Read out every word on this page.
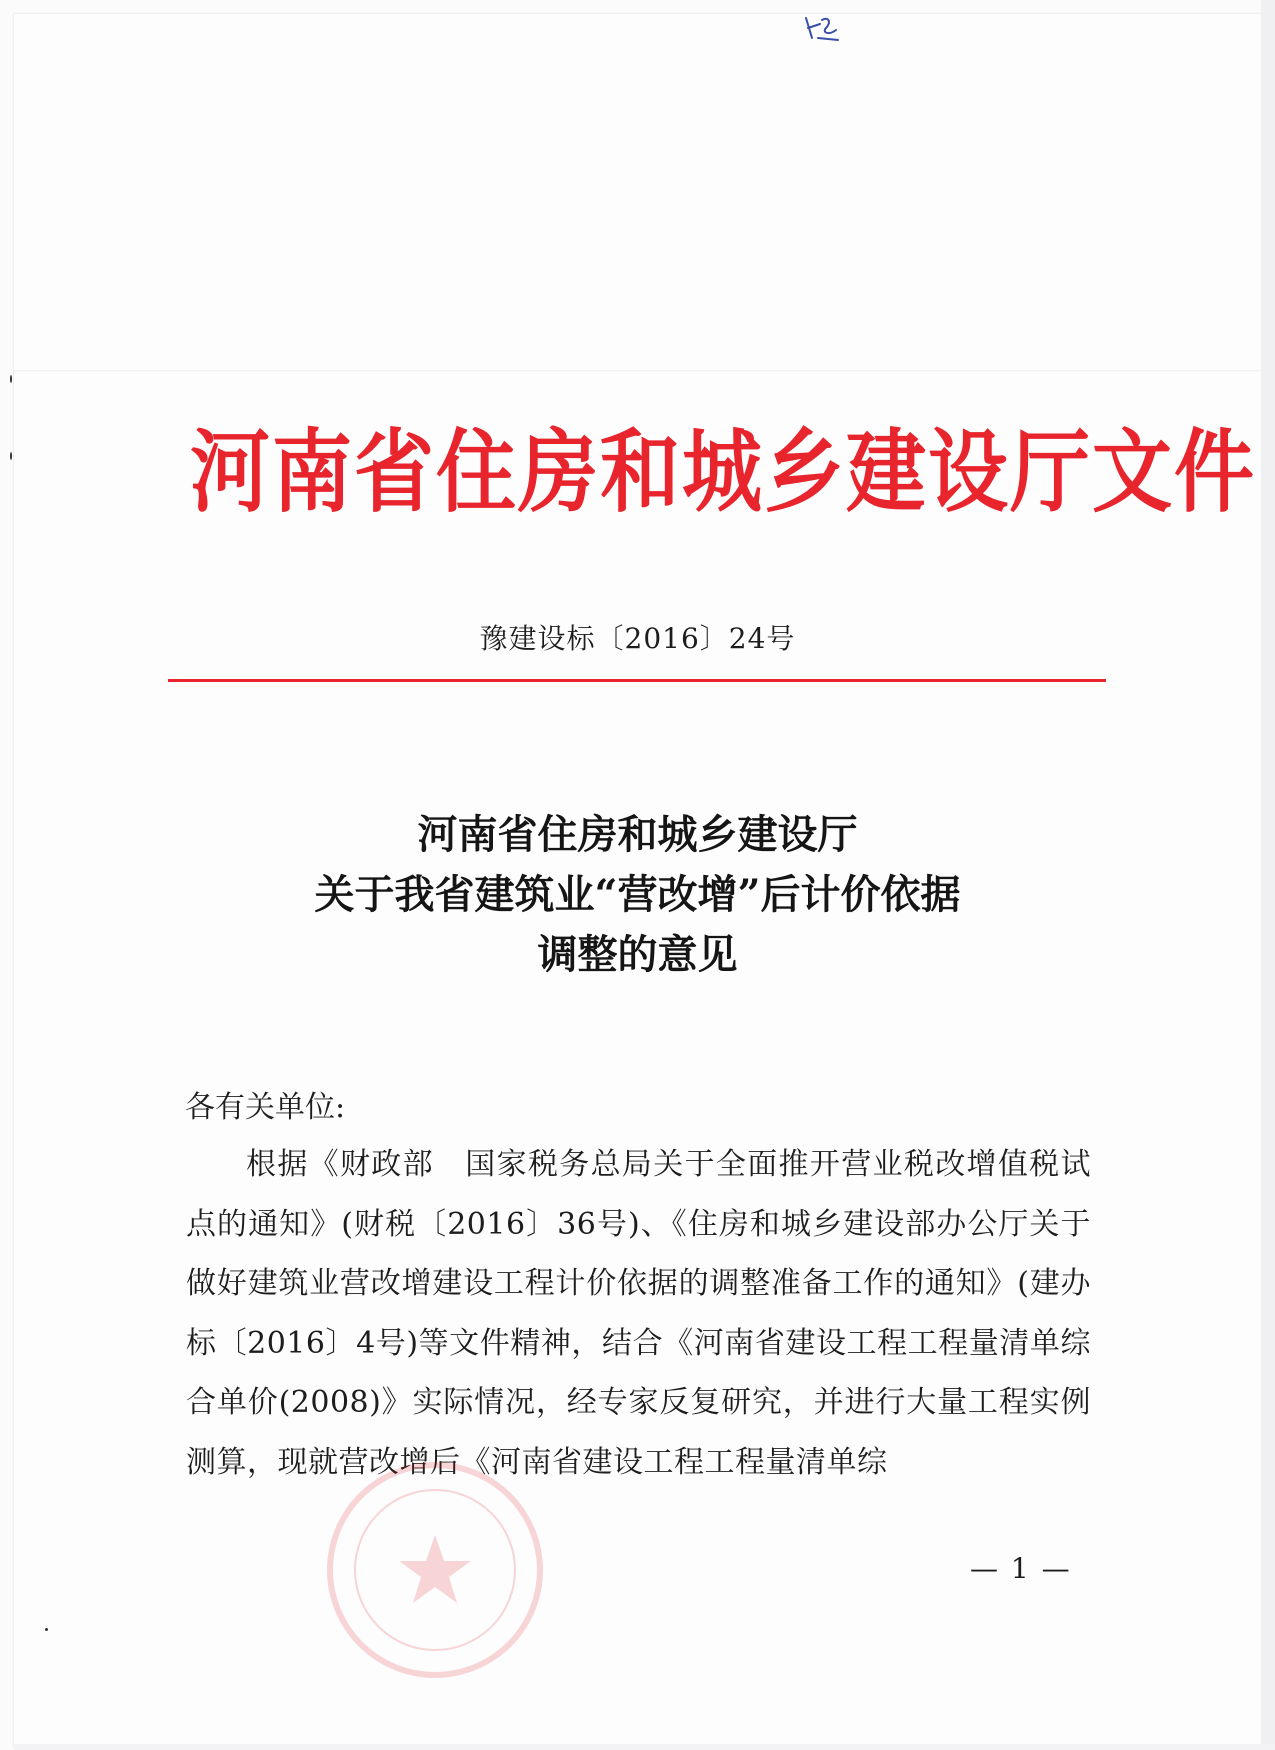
河南省住房和城乡建设厅文件
豫建设标〔2016〕24号
河南省住房和城乡建设厅
关于我省建筑业“营改增”后计价依据
调整的意见
各有关单位:
根据《财政部　国家税务总局关于全面推开营业税改增值税试点的通知》(财税〔2016〕36号)、《住房和城乡建设部办公厅关于做好建筑业营改增建设工程计价依据的调整准备工作的通知》(建办标〔2016〕4号)等文件精神，结合《河南省建设工程工程量清单综合单价(2008)》实际情况，经专家反复研究，并进行大量工程实例测算，现就营改增后《河南省建设工程工程量清单综
— 1 —
